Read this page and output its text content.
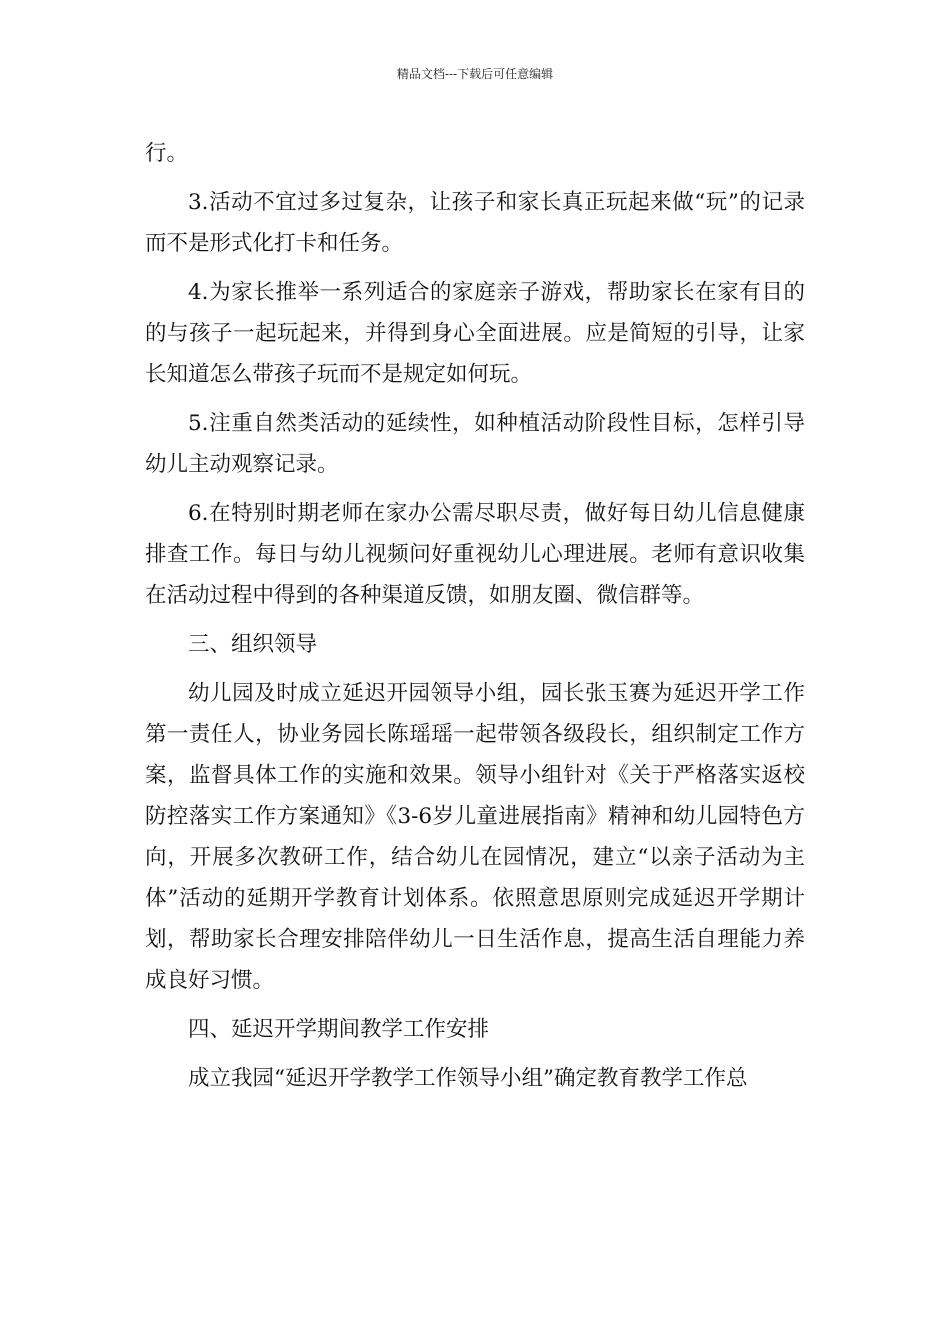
精品文档---下载后可任意编辑

行。

3.活动不宜过多过复杂，让孩子和家长真正玩起来做“玩”的记录而不是形式化打卡和任务。

4.为家长推举一系列适合的家庭亲子游戏，帮助家长在家有目的的与孩子一起玩起来，并得到身心全面进展。应是简短的引导，让家长知道怎么带孩子玩而不是规定如何玩。

5.注重自然类活动的延续性，如种植活动阶段性目标，怎样引导幼儿主动观察记录。

6.在特别时期老师在家办公需尽职尽责，做好每日幼儿信息健康排查工作。每日与幼儿视频问好重视幼儿心理进展。老师有意识收集在活动过程中得到的各种渠道反馈，如朋友圈、微信群等。

三、组织领导

幼儿园及时成立延迟开园领导小组，园长张玉赛为延迟开学工作第一责任人，协业务园长陈瑶瑶一起带领各级段长，组织制定工作方案，监督具体工作的实施和效果。领导小组针对《关于严格落实返校防控落实工作方案通知》《3-6岁儿童进展指南》精神和幼儿园特色方向，开展多次教研工作，结合幼儿在园情况，建立“以亲子活动为主体”活动的延期开学教育计划体系。依照意思原则完成延迟开学期计划，帮助家长合理安排陪伴幼儿一日生活作息，提高生活自理能力养成良好习惯。

四、延迟开学期间教学工作安排

成立我园“延迟开学教学工作领导小组”确定教育教学工作总
